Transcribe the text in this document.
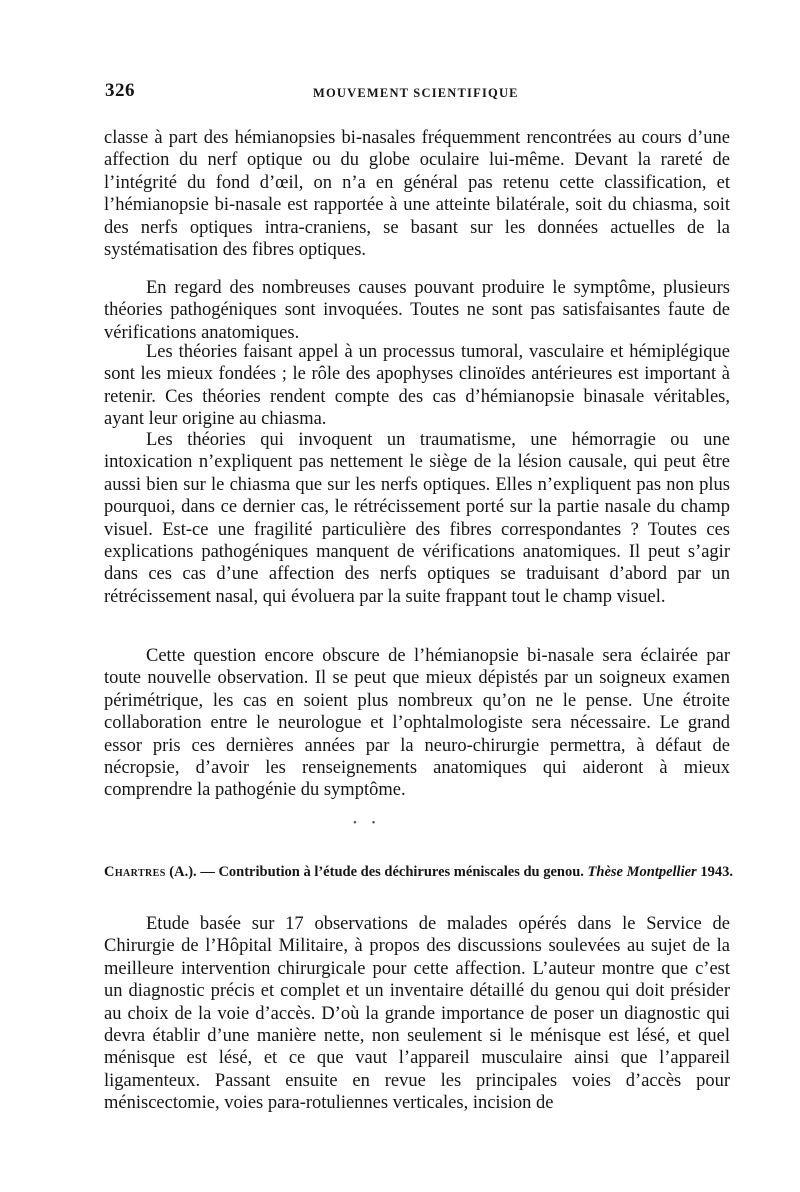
326	MOUVEMENT SCIENTIFIQUE

classe à part des hémianopsies bi-nasales fréquemment rencontrées au cours d’une affection du nerf optique ou du globe oculaire lui-même. Devant la rareté de l’intégrité du fond d’œil, on n’a en général pas retenu cette classification, et l’hémianopsie bi-nasale est rapportée à une atteinte bilatérale, soit du chiasma, soit des nerfs optiques intra-craniens, se basant sur les données actuelles de la systématisation des fibres optiques.

En regard des nombreuses causes pouvant produire le symptôme, plusieurs théories pathogéniques sont invoquées. Toutes ne sont pas satisfaisantes faute de vérifications anatomiques.

Les théories faisant appel à un processus tumoral, vasculaire et hémiplégique sont les mieux fondées ; le rôle des apophyses clinoïdes antérieures est important à retenir. Ces théories rendent compte des cas d’hémianopsie binasale véritables, ayant leur origine au chiasma.

Les théories qui invoquent un traumatisme, une hémorragie ou une intoxication n’expliquent pas nettement le siège de la lésion causale, qui peut être aussi bien sur le chiasma que sur les nerfs optiques. Elles n’expliquent pas non plus pourquoi, dans ce dernier cas, le rétrécissement porté sur la partie nasale du champ visuel. Est-ce une fragilité particulière des fibres correspondantes ? Toutes ces explications pathogéniques manquent de vérifications anatomiques. Il peut s’agir dans ces cas d’une affection des nerfs optiques se traduisant d’abord par un rétrécissement nasal, qui évoluera par la suite frappant tout le champ visuel.

Cette question encore obscure de l’hémianopsie bi-nasale sera éclairée par toute nouvelle observation. Il se peut que mieux dépistés par un soigneux examen périmétrique, les cas en soient plus nombreux qu’on ne le pense. Une étroite collaboration entre le neurologue et l’ophtalmologiste sera nécessaire. Le grand essor pris ces dernières années par la neuro-chirurgie permettra, à défaut de nécropsie, d’avoir les renseignements anatomiques qui aideront à mieux comprendre la pathogénie du symptôme.

• •
Chartres (A.). — Contribution à l’étude des déchirures méniscales du genou. Thèse Montpellier 1943.

Etude basée sur 17 observations de malades opérés dans le Service de Chirurgie de l’Hôpital Militaire, à propos des discussions soulevées au sujet de la meilleure intervention chirurgicale pour cette affection. L’auteur montre que c’est un diagnostic précis et complet et un inventaire détaillé du genou qui doit présider au choix de la voie d’accès. D’où la grande importance de poser un diagnostic qui devra établir d’une manière nette, non seulement si le ménisque est lésé, et quel ménisque est lésé, et ce que vaut l’appareil musculaire ainsi que l’appareil ligamenteux. Passant ensuite en revue les principales voies d’accès pour méniscectomie, voies para-rotuliennes verticales, incision de
